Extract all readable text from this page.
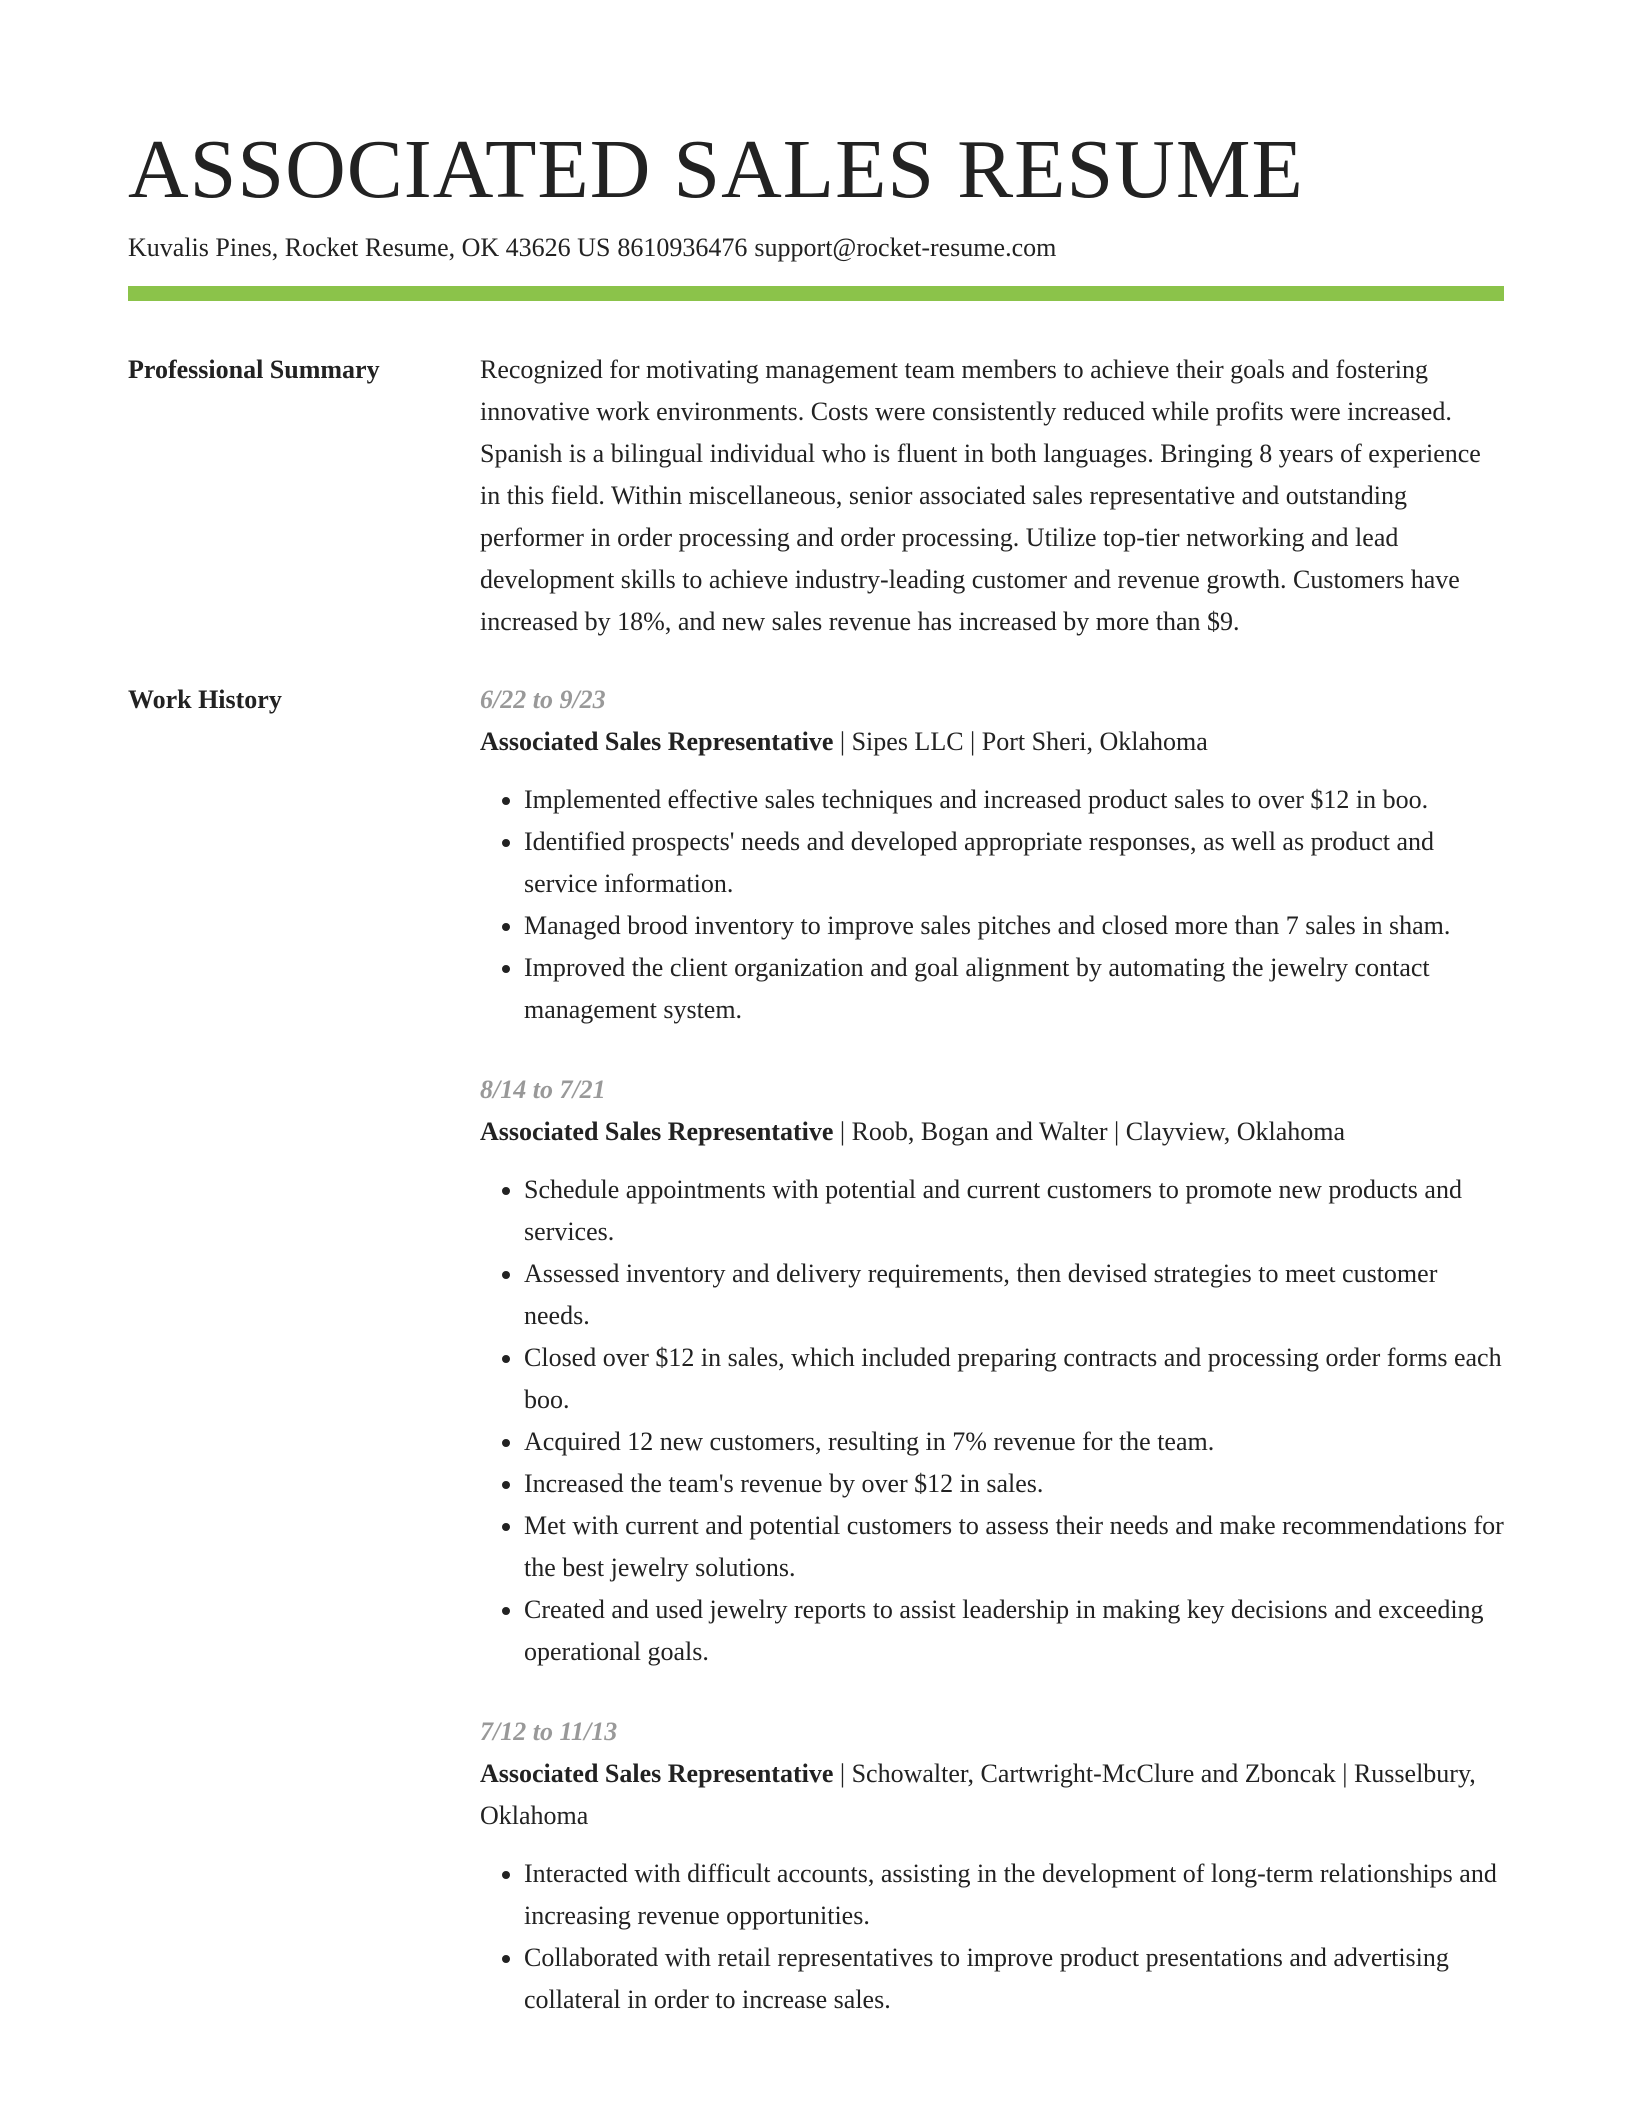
ASSOCIATED SALES RESUME
Kuvalis Pines, Rocket Resume, OK 43626 US 8610936476 support@rocket-resume.com
Professional Summary	Recognized for motivating management team members to achieve their goals and fostering innovative work environments. Costs were consistently reduced while profits were increased. Spanish is a bilingual individual who is fluent in both languages. Bringing 8 years of experience in this field. Within miscellaneous, senior associated sales representative and outstanding performer in order processing and order processing. Utilize top-tier networking and lead development skills to achieve industry-leading customer and revenue growth. Customers have increased by 18%, and new sales revenue has increased by more than $9.

Work History	6/22 to 9/23
Associated Sales Representative | Sipes LLC | Port Sheri, Oklahoma
• Implemented effective sales techniques and increased product sales to over $12 in boo.
• Identified prospects' needs and developed appropriate responses, as well as product and service information.
• Managed brood inventory to improve sales pitches and closed more than 7 sales in sham.
• Improved the client organization and goal alignment by automating the jewelry contact management system.
8/14 to 7/21
Associated Sales Representative | Roob, Bogan and Walter | Clayview, Oklahoma
• Schedule appointments with potential and current customers to promote new products and services.
• Assessed inventory and delivery requirements, then devised strategies to meet customer needs.
• Closed over $12 in sales, which included preparing contracts and processing order forms each boo.
• Acquired 12 new customers, resulting in 7% revenue for the team.
• Increased the team's revenue by over $12 in sales.
• Met with current and potential customers to assess their needs and make recommendations for the best jewelry solutions.
• Created and used jewelry reports to assist leadership in making key decisions and exceeding operational goals.
7/12 to 11/13
Associated Sales Representative | Schowalter, Cartwright-McClure and Zboncak | Russelbury, Oklahoma
• Interacted with difficult accounts, assisting in the development of long-term relationships and increasing revenue opportunities.
• Collaborated with retail representatives to improve product presentations and advertising collateral in order to increase sales.
